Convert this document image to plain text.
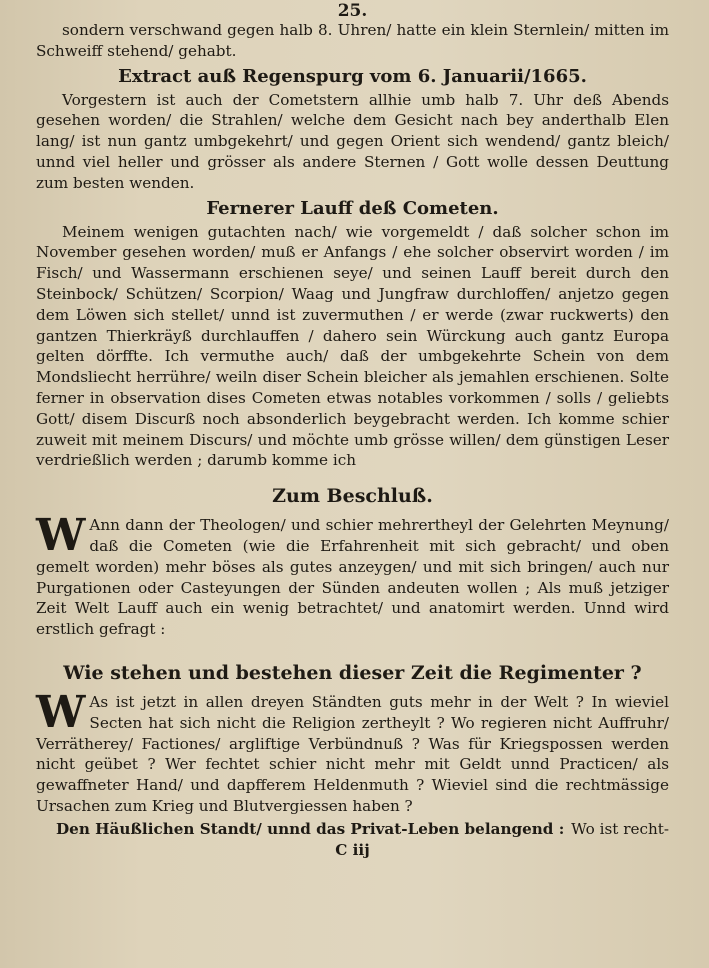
25.

sondern verschwand gegen halb 8. Uhren/ hatte ein klein Sternlein/ mitten im Schweiff stehend/ gehabt.

Extract auß Regenspurg vom 6. Januarii/1665.

Vorgestern ist auch der Cometstern allhie umb halb 7. Uhr deß Abends gesehen worden/ die Strahlen/ welche dem Gesicht nach bey anderthalb Elen lang/ ist nun gantz umbgekehrt/ und gegen Orient sich wendend/ gantz bleich/ unnd viel heller und grösser als andere Sternen / Gott wolle dessen Deuttung zum besten wenden.

Fernerer Lauff deß Cometen.

Meinem wenigen gutachten nach/ wie vorgemeldt / daß solcher schon im November gesehen worden/ muß er Anfangs / ehe solcher observirt worden / im Fisch/ und Wassermann erschienen seye/ und seinen Lauff bereit durch den Steinbock/ Schützen/ Scorpion/ Waag und Jungfraw durchloffen/ anjetzo gegen dem Löwen sich stellet/ unnd ist zuvermuthen / er werde (zwar ruckwerts) den gantzen Thierkräyß durchlauffen / dahero sein Würckung auch gantz Europa gelten dörffte. Ich vermuthe auch/ daß der umbgekehrte Schein von dem Mondsliecht herrühre/ weiln diser Schein bleicher als jemahlen erschienen. Solte ferner in observation dises Cometen etwas notables vorkommen / solls / geliebts Gott/ disem Discurß noch absonderlich beygebracht werden. Ich komme schier zuweit mit meinem Discurs/ und möchte umb grösse willen/ dem günstigen Leser verdrießlich werden ; darumb komme ich

Zum Beschluß.

W Ann dann der Theologen/ und schier mehrertheyl der Gelehrten Meynung/ daß die Cometen (wie die Erfahrenheit mit sich gebracht/ und oben gemelt worden) mehr böses als gutes anzeygen/ und mit sich bringen/ auch nur Purgationen oder Casteyungen der Sünden andeuten wollen ; Als muß jetziger Zeit Welt Lauff auch ein wenig betrachtet/ und anatomirt werden. Unnd wird erstlich gefragt :

Wie stehen und bestehen dieser Zeit die Regimenter ?

W As ist jetzt in allen dreyen Ständten guts mehr in der Welt ? In wieviel Secten hat sich nicht die Religion zertheylt ? Wo regieren nicht Auffruhr/ Verrätherey/ Factiones/ argliftige Verbündnuß ? Was für Kriegspossen werden nicht geübet ? Wer fechtet schier nicht mehr mit Geldt unnd Practicen/ als gewaffneter Hand/ und dapfferem Heldenmuth ? Wieviel sind die rechtmässige Ursachen zum Krieg und Blutvergiessen haben ?

Den Häußlichen Standt/ unnd das Privat-Leben belangend : Wo ist recht-
C iij
